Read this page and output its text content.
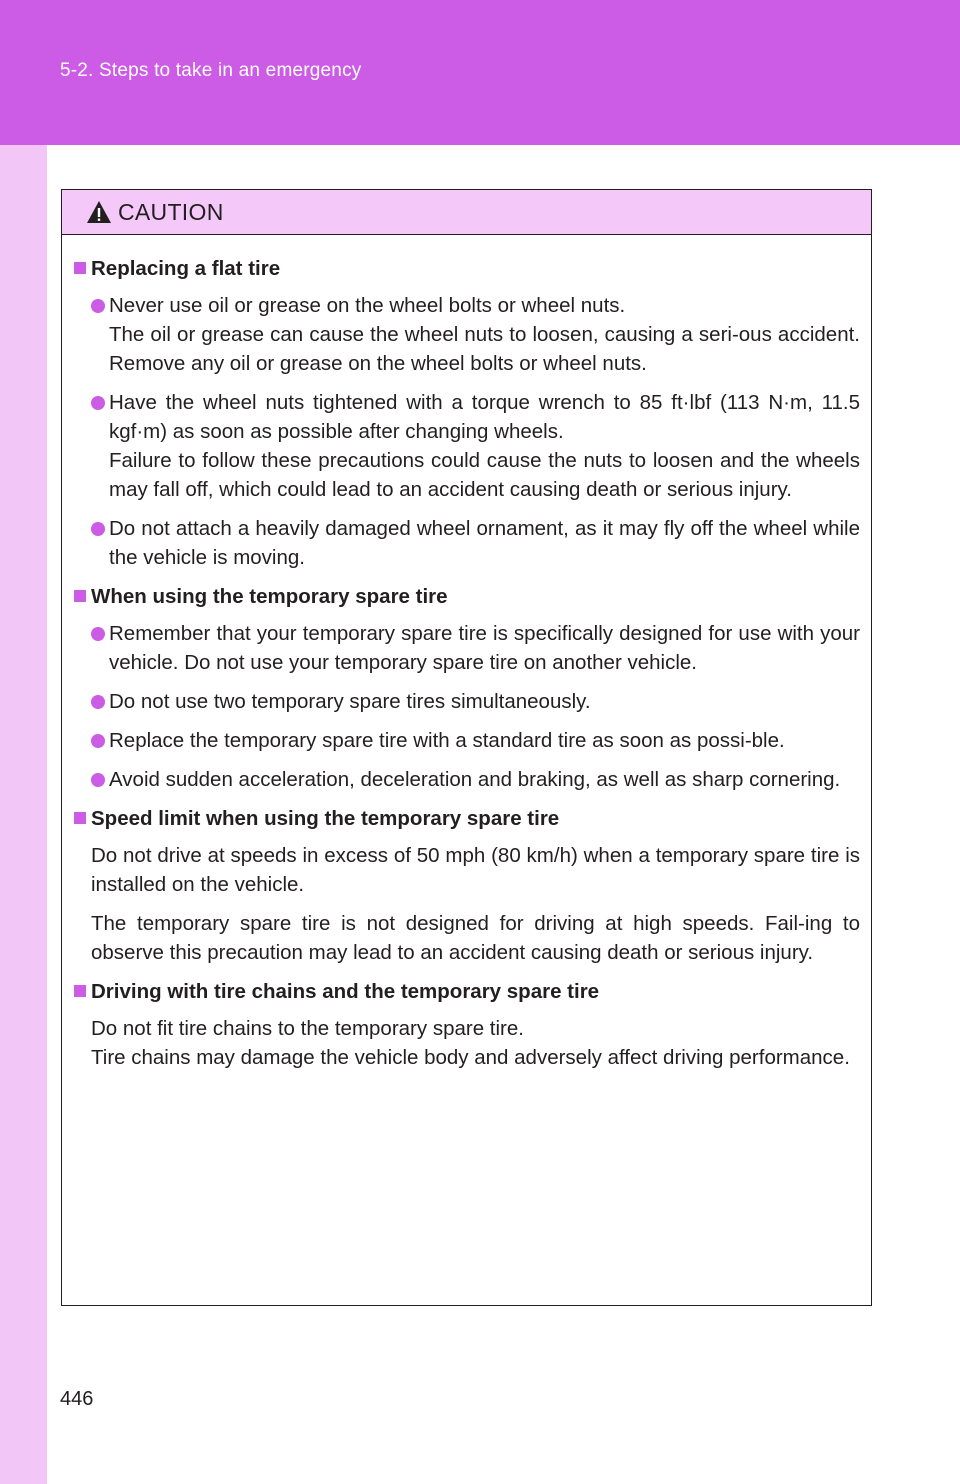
5-2. Steps to take in an emergency
CAUTION
Replacing a flat tire
Never use oil or grease on the wheel bolts or wheel nuts.
The oil or grease can cause the wheel nuts to loosen, causing a seri-ous accident. Remove any oil or grease on the wheel bolts or wheel nuts.
Have the wheel nuts tightened with a torque wrench to 85 ft·lbf (113 N·m, 11.5 kgf·m) as soon as possible after changing wheels.
Failure to follow these precautions could cause the nuts to loosen and the wheels may fall off, which could lead to an accident causing death or serious injury.
Do not attach a heavily damaged wheel ornament, as it may fly off the wheel while the vehicle is moving.
When using the temporary spare tire
Remember that your temporary spare tire is specifically designed for use with your vehicle. Do not use your temporary spare tire on another vehicle.
Do not use two temporary spare tires simultaneously.
Replace the temporary spare tire with a standard tire as soon as possi-ble.
Avoid sudden acceleration, deceleration and braking, as well as sharp cornering.
Speed limit when using the temporary spare tire
Do not drive at speeds in excess of 50 mph (80 km/h) when a temporary spare tire is installed on the vehicle.
The temporary spare tire is not designed for driving at high speeds. Fail-ing to observe this precaution may lead to an accident causing death or serious injury.
Driving with tire chains and the temporary spare tire
Do not fit tire chains to the temporary spare tire.
Tire chains may damage the vehicle body and adversely affect driving performance.
446
